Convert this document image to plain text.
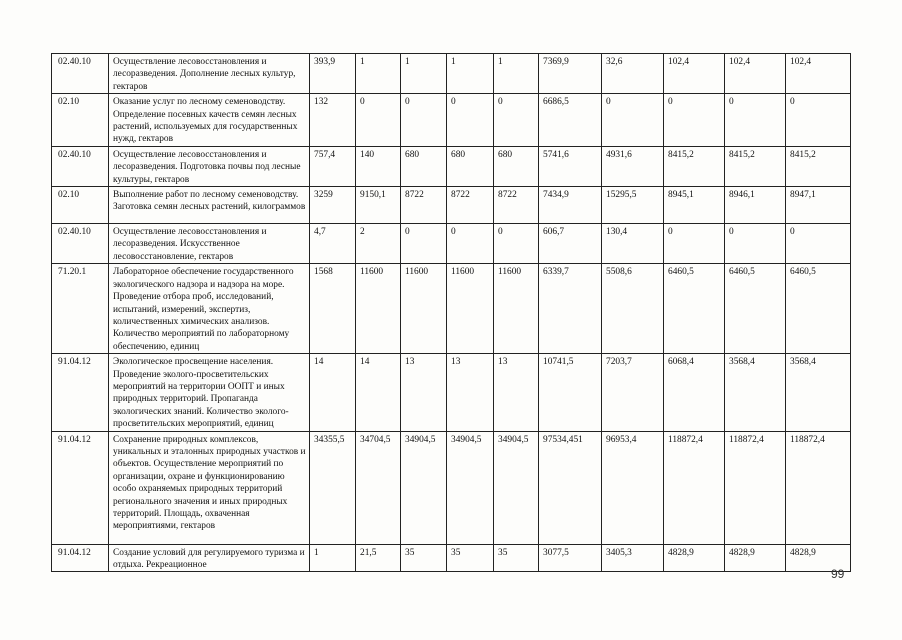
02.40.10	Осуществление лесовосстановления и лесоразведения. Дополнение лесных культур, гектаров	393,9	1	1	1	1	7369,9	32,6	102,4	102,4	102,4
02.10	Оказание услуг по лесному семеноводству. Определение посевных качеств семян лесных растений, используемых для государственных нужд, гектаров	132	0	0	0	0	6686,5	0	0	0	0
02.40.10	Осуществление лесовосстановления и лесоразведения. Подготовка почвы под лесные культуры, гектаров	757,4	140	680	680	680	5741,6	4931,6	8415,2	8415,2	8415,2
02.10	Выполнение работ по лесному семеноводству. Заготовка семян лесных растений, килограммов	3259	9150,1	8722	8722	8722	7434,9	15295,5	8945,1	8946,1	8947,1
02.40.10	Осуществление лесовосстановления и лесоразведения. Искусственное лесовосстановление, гектаров	4,7	2	0	0	0	606,7	130,4	0	0	0
71.20.1	Лабораторное обеспечение государственного экологического надзора и надзора на море. Проведение отбора проб, исследований, испытаний, измерений, экспертиз, количественных химических анализов. Количество мероприятий по лабораторному обеспечению, единиц	1568	11600	11600	11600	11600	6339,7	5508,6	6460,5	6460,5	6460,5
91.04.12	Экологическое просвещение населения. Проведение эколого-просветительских мероприятий на территории ООПТ и иных природных территорий. Пропаганда экологических знаний. Количество эколого-просветительских мероприятий, единиц	14	14	13	13	13	10741,5	7203,7	6068,4	3568,4	3568,4
91.04.12	Сохранение природных комплексов, уникальных и эталонных природных участков и объектов. Осуществление мероприятий по организации, охране и функционированию особо охраняемых природных территорий регионального значения и иных природных территорий. Площадь, охваченная мероприятиями, гектаров	34355,5	34704,5	34904,5	34904,5	34904,5	97534,451	96953,4	118872,4	118872,4	118872,4
91.04.12	Создание условий для регулируемого туризма и отдыха. Рекреационное	1	21,5	35	35	35	3077,5	3405,3	4828,9	4828,9	4828,9
99
